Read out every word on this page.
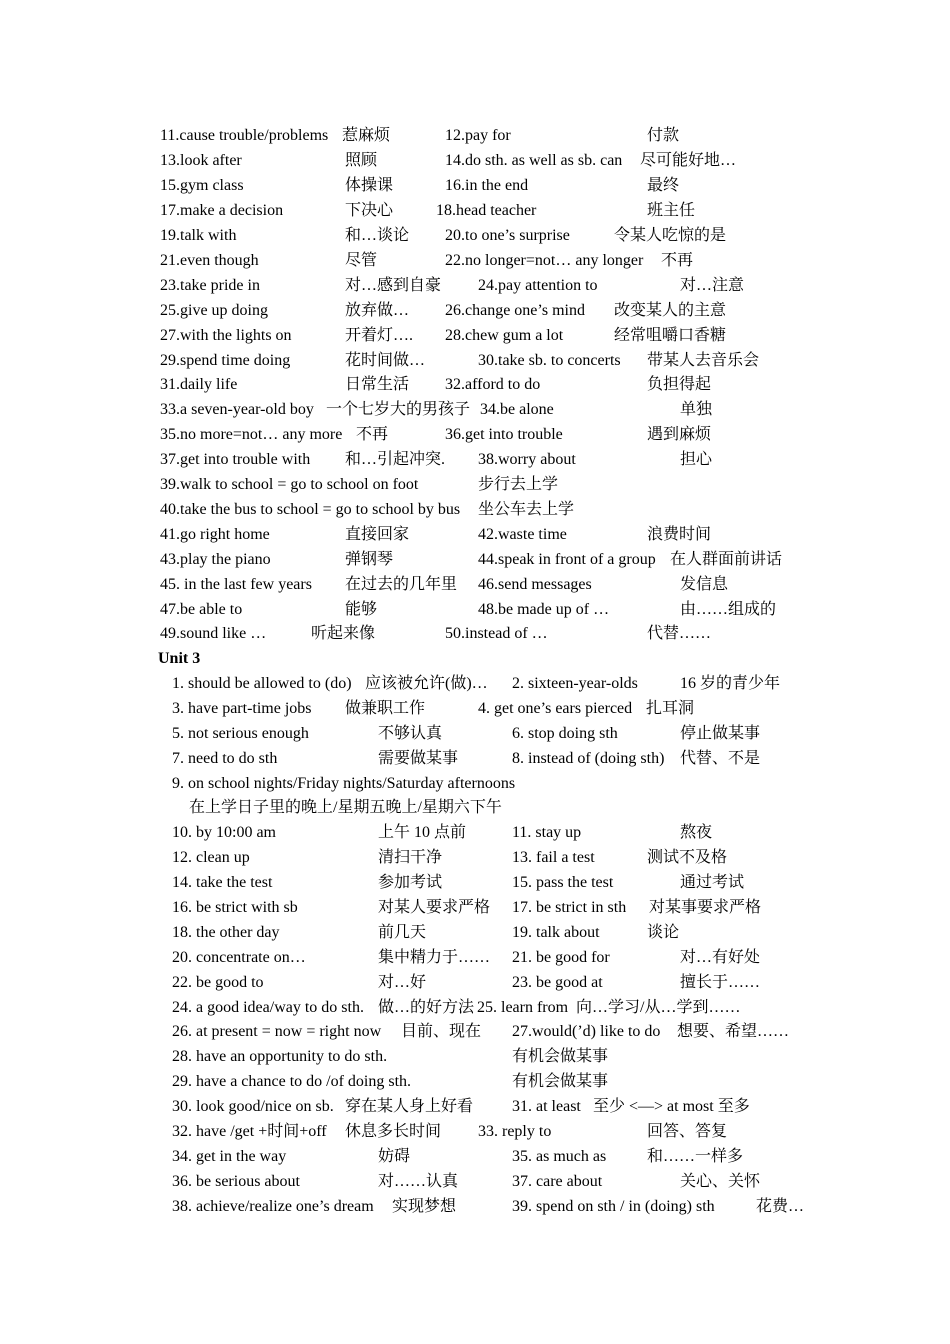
11.cause trouble/problems 惹麻烦	12.pay for	付款
13.look after	照顾	14.do sth. as well as sb. can 尽可能好地…
15.gym class	体操课	16.in the end	最终
17.make a decision	下决心	18.head teacher	班主任
19.talk with	和…谈论 20.to one’s surprise	令某人吃惊的是
21.even though	尽管	22.no longer=not… any longer 不再
23.take pride in	对…感到自豪 24.pay attention to	对…注意
25.give up doing	放弃做… 26.change one’s mind 改变某人的主意
27.with the lights on	开着灯…. 28.chew gum a lot	经常咀嚼口香糖
29.spend time doing	花时间做…	30.take sb. to concerts 带某人去音乐会
31.daily life	日常生活 32.afford to do	负担得起
33.a seven-year-old boy 一个七岁大的男孩子 34.be alone	单独
35.no more=not… any more 不再	36.get into trouble	遇到麻烦
37.get into trouble with 和…引起冲突. 38.worry about	担心
39.walk to school = go to school on foot	步行去上学
40.take the bus to school = go to school by bus 坐公车去上学
41.go right home	直接回家	42.waste time	浪费时间
43.play the piano	弹钢琴	44.speak in front of a group 在人群面前讲话
45. in the last few years 在过去的几年里 46.send messages	发信息
47.be able to	能够	48.be made up of …	由……组成的
49.sound like …	听起来像	50.instead of …	代替……
Unit 3
1. should be allowed to (do) 应该被允许(做)… 2. sixteen-year-olds	16 岁的青少年
3. have part-time jobs 做兼职工作	4. get one’s ears pierced 扎耳洞
5. not serious enough	不够认真	6. stop doing sth	停止做某事
7. need to do sth	需要做某事	8. instead of (doing sth) 代替、不是
9. on school nights/Friday nights/Saturday afternoons
在上学日子里的晚上/星期五晚上/星期六下午
10. by 10:00 am	上午 10 点前	11. stay up	熬夜
12. clean up	清扫干净	13. fail a test	测试不及格
14. take the test	参加考试	15. pass the test	通过考试
16. be strict with sb	对某人要求严格 17. be strict in sth 对某事要求严格
18. the other day	前几天	19. talk about	谈论
20. concentrate on…	集中精力于…… 21. be good for	对…有好处
22. be good to	对…好	23. be good at	擅长于……
24. a good idea/way to do sth. 做…的好方法 25. learn from 向…学习/从…学到……
26. at present = now = right now 目前、现在 27.would(’d) like to do 想要、希望……
28. have an opportunity to do sth.	有机会做某事
29. have a chance to do /of doing sth.	有机会做某事
30. look good/nice on sb. 穿在某人身上好看 31. at least 至少 <—> at most 至多
32. have /get +时间+off 休息多长时间 33. reply to	回答、答复
34. get in the way	妨碍	35. as much as	和……一样多
36. be serious about	对……认真	37. care about	关心、关怀
38. achieve/realize one’s dream 实现梦想	39. spend on sth / in (doing) sth	花费…
